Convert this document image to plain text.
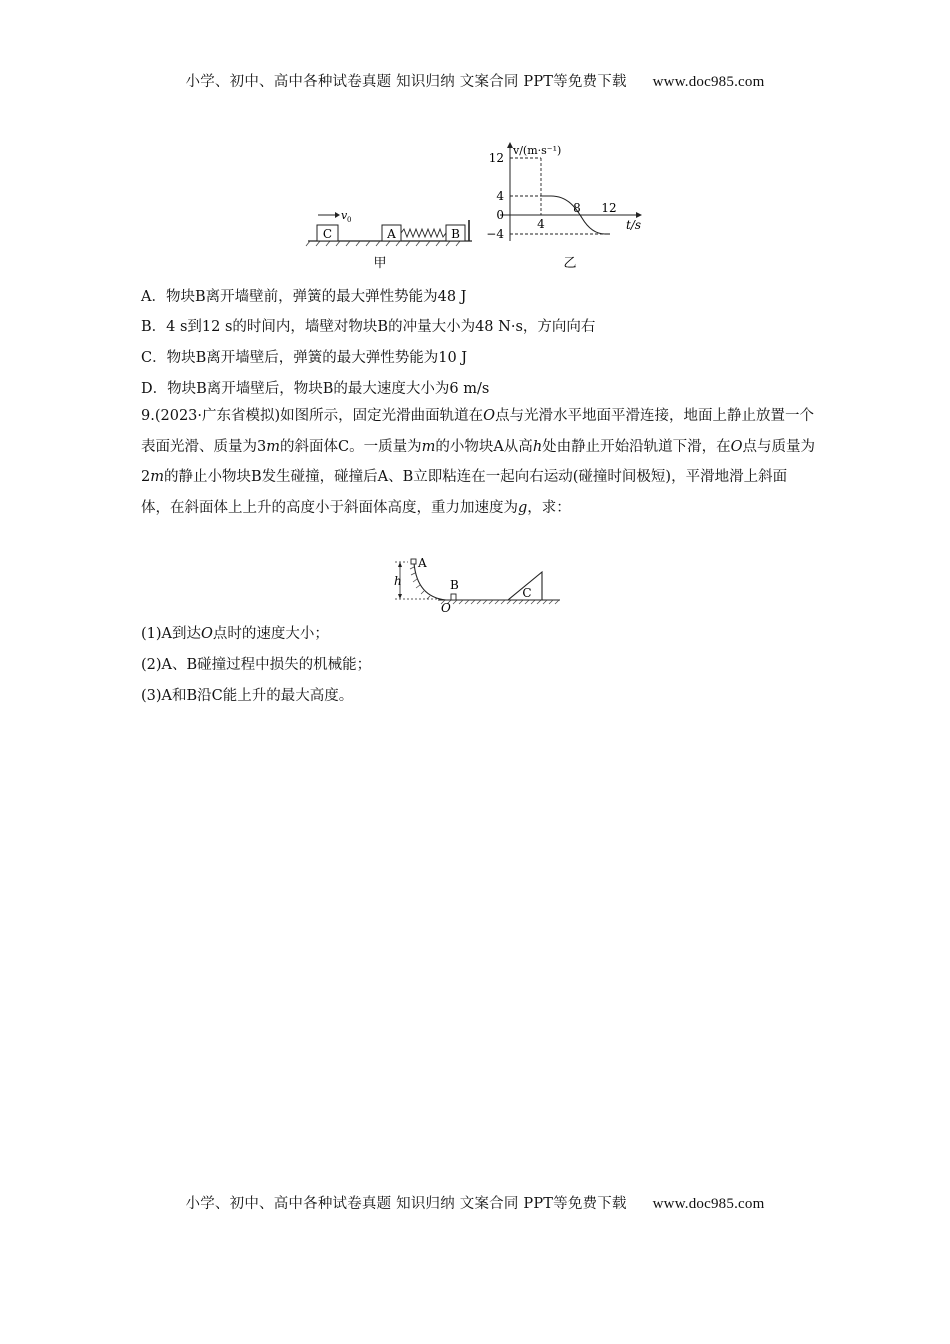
小学、初中、高中各种试卷真题 知识归纳 文案合同 PPT等免费下载 www.doc985.com
C
v 0
A	B
甲
12
4
0
−4
4
8 12
v/(m·s⁻¹)
t/s
乙
A．物块B离开墙壁前，弹簧的最大弹性势能为48 J
B．4 s到12 s的时间内，墙壁对物块B的冲量大小为48 N·s，方向向右
C．物块B离开墙壁后，弹簧的最大弹性势能为10 J
D．物块B离开墙壁后，物块B的最大速度大小为6 m/s
9.(2023·广东省模拟)如图所示，固定光滑曲面轨道在O点与光滑水平地面平滑连接，地面上静止放置一个表面光滑、质量为3m的斜面体C。一质量为m的小物块A从高h处由静止开始沿轨道下滑，在O点与质量为2m的静止小物块B发生碰撞，碰撞后A、B立即粘连在一起向右运动(碰撞时间极短)，平滑地滑上斜面体，在斜面体上上升的高度小于斜面体高度，重力加速度为g，求：
A
h	B
O
C
(1)A到达O点时的速度大小；
(2)A、B碰撞过程中损失的机械能；
(3)A和B沿C能上升的最大高度。
小学、初中、高中各种试卷真题 知识归纳 文案合同 PPT等免费下载 www.doc985.com
